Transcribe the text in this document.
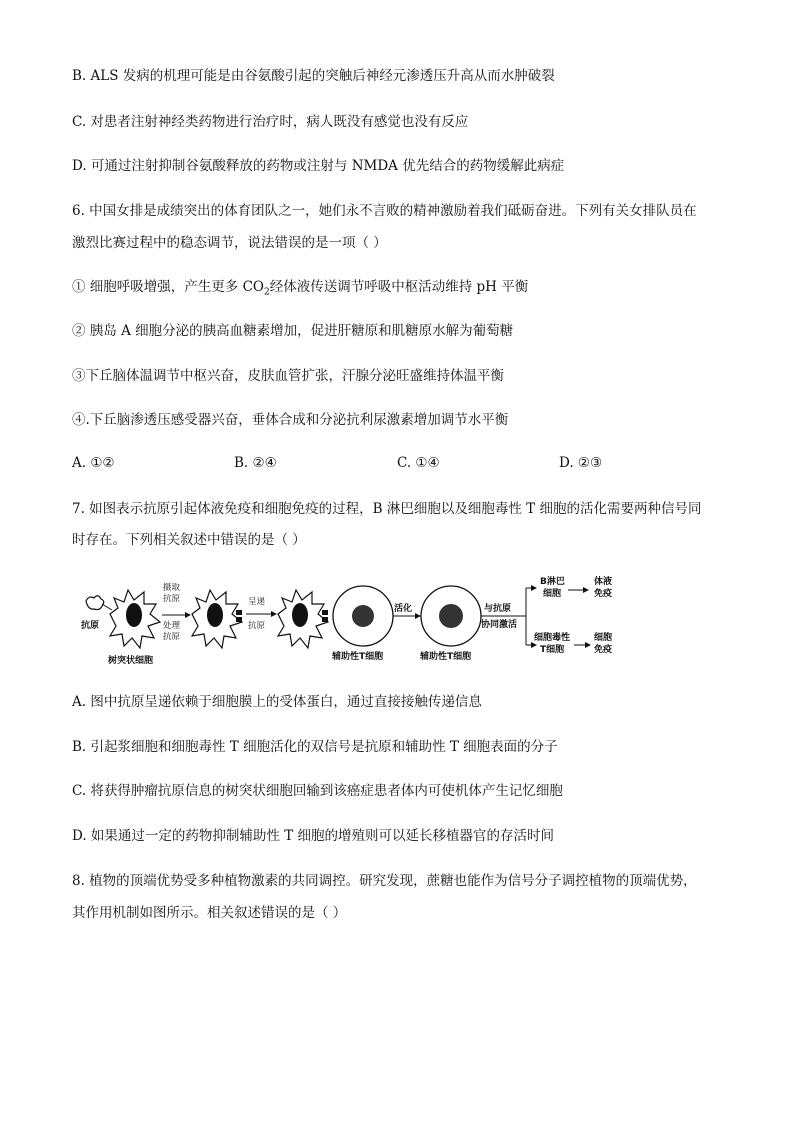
B. ALS 发病的机理可能是由谷氨酸引起的突触后神经元渗透压升高从而水肿破裂
C. 对患者注射神经类药物进行治疗时，病人既没有感觉也没有反应
D. 可通过注射抑制谷氨酸释放的药物或注射与 NMDA 优先结合的药物缓解此病症
6. 中国女排是成绩突出的体育团队之一，她们永不言败的精神激励着我们砥砺奋进。下列有关女排队员在
激烈比赛过程中的稳态调节，说法错误的是一项（ ）
① 细胞呼吸增强，产生更多 $CO_2$经体液传送调节呼吸中枢活动维持 pH 平衡
② 胰岛 A 细胞分泌的胰高血糖素增加，促进肝糖原和肌糖原水解为葡萄糖
③下丘脑体温调节中枢兴奋，皮肤血管扩张，汗腺分泌旺盛维持体温平衡
④.下丘脑渗透压感受器兴奋，垂体合成和分泌抗利尿激素增加调节水平衡
A. ①②	B. ②④	C. ①④	D. ②③
7. 如图表示抗原引起体液免疫和细胞免疫的过程，B 淋巴细胞以及细胞毒性 T 细胞的活化需要两种信号同
时存在。下列相关叙述中错误的是（ ）
抗原
树突状细胞
摄取
抗原
处理
抗原
呈递
抗原
辅助性T细胞
活化
辅助性T细胞
与抗原
协同激活
B淋巴
细胞
体液
免疫
细胞毒性
T细胞
细胞
免疫
A. 图中抗原呈递依赖于细胞膜上的受体蛋白，通过直接接触传递信息
B. 引起浆细胞和细胞毒性 T 细胞活化的双信号是抗原和辅助性 T 细胞表面的分子
C. 将获得肿瘤抗原信息的树突状细胞回输到该癌症患者体内可使机体产生记忆细胞
D. 如果通过一定的药物抑制辅助性 T 细胞的增殖则可以延长移植器官的存活时间
8. 植物的顶端优势受多种植物激素的共同调控。研究发现，蔗糖也能作为信号分子调控植物的顶端优势，
其作用机制如图所示。相关叙述错误的是（ ）
